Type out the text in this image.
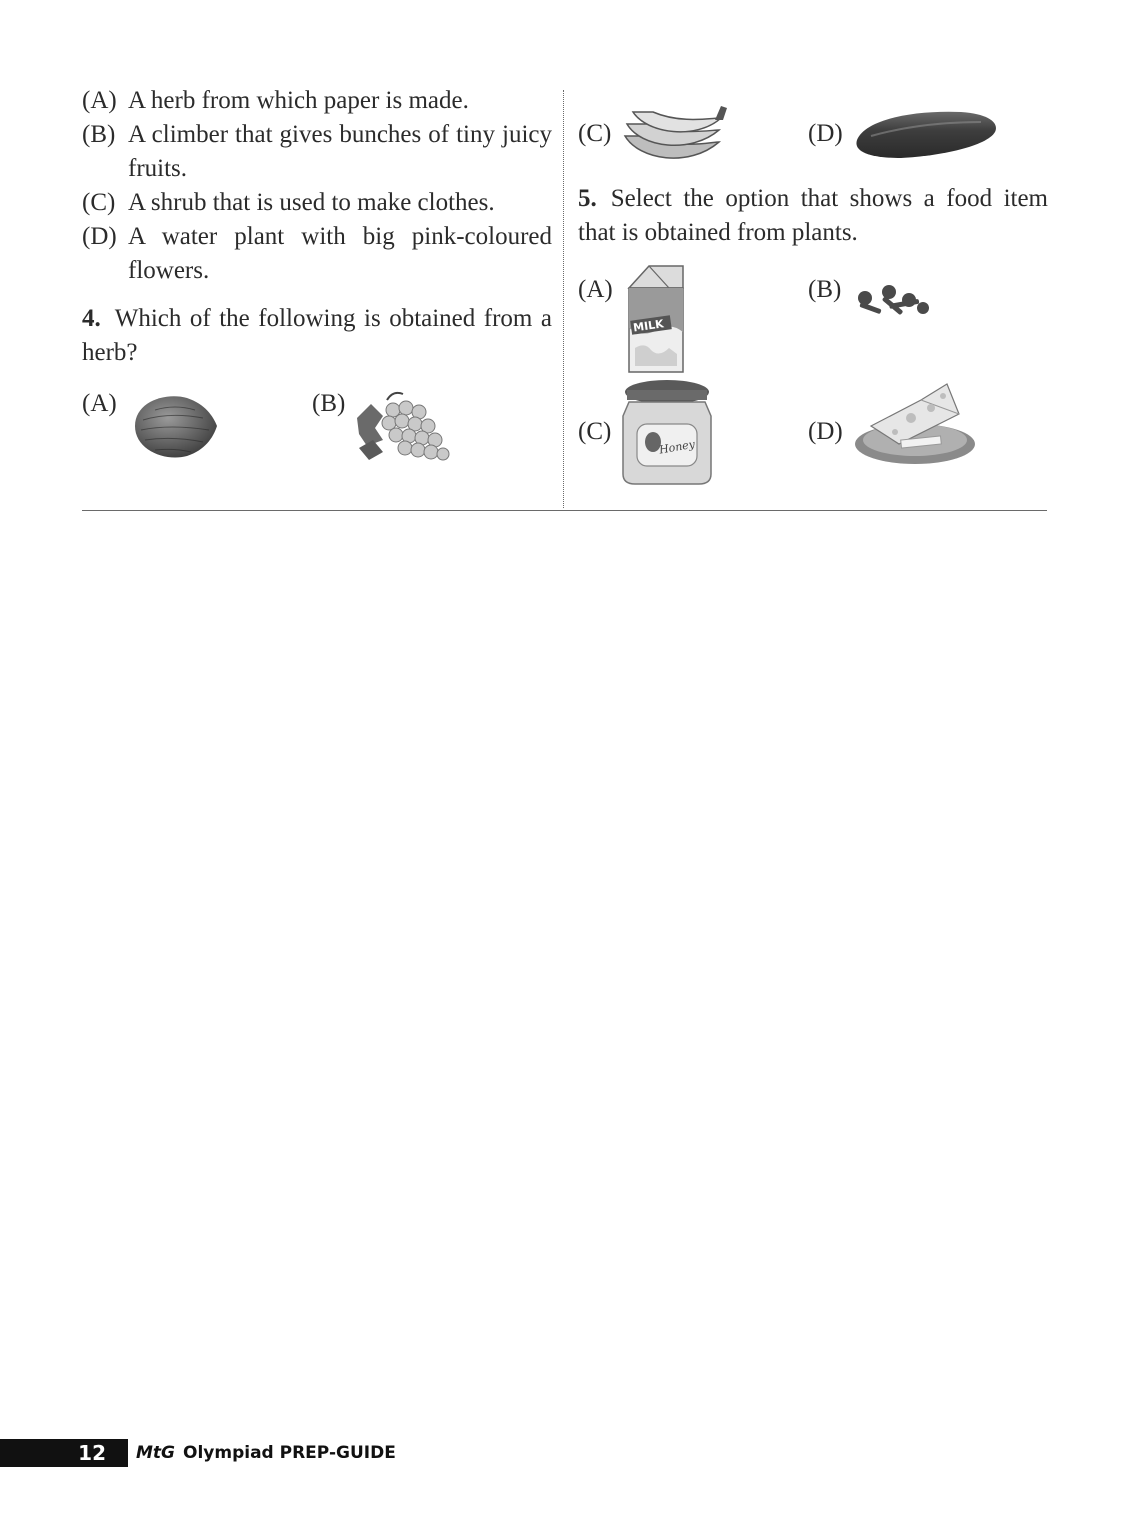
(A) A herb from which paper is made.
(B) A climber that gives bunches of tiny juicy fruits.
(C) A shrub that is used to make clothes.
(D) A water plant with big pink-coloured flowers.
4. Which of the following is obtained from a herb?
(A)	(B)
(C)	(D)
5. Select the option that shows a food item that is obtained from plants.
(A)
MILK
(B)
(C)
Honey
(D)
12	MtG Olympiad PREP-GUIDE
